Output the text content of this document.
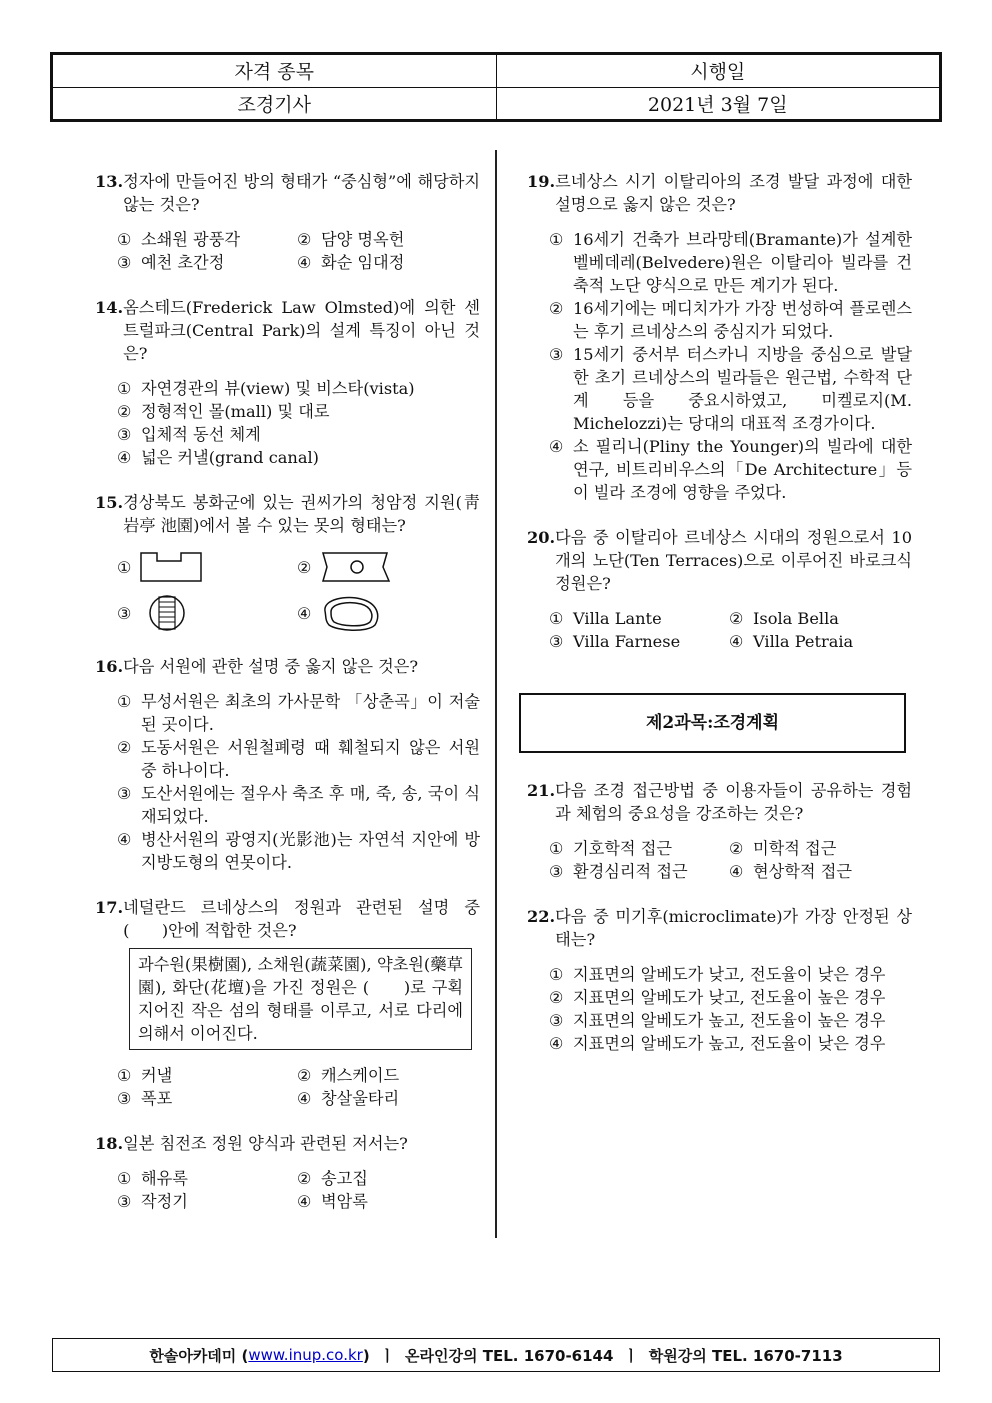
자격 종목	시행일
조경기사	2021년 3월 7일
13. 정자에 만들어진 방의 형태가 “중심형”에 해당하지 않는 것은?
① 소쇄원 광풍각	② 담양 명옥헌
③ 예천 초간정	④ 화순 임대정
14. 옴스테드(Frederick Law Olmsted)에 의한 센트럴파크(Central Park)의 설계 특징이 아닌 것은?
① 자연경관의 뷰(view) 및 비스타(vista)
② 정형적인 몰(mall) 및 대로
③ 입체적 동선 체계
④ 넓은 커낼(grand canal)
15. 경상북도 봉화군에 있는 권씨가의 청암정 지원(靑岩亭 池園)에서 볼 수 있는 못의 형태는?
①	②
③	④
16. 다음 서원에 관한 설명 중 옳지 않은 것은?
① 무성서원은 최초의 가사문학 「상춘곡」이 저술된 곳이다.
② 도동서원은 서원철폐령 때 훼철되지 않은 서원 중 하나이다.
③ 도산서원에는 절우사 축조 후 매, 죽, 송, 국이 식재되었다.
④ 병산서원의 광영지(光影池)는 자연석 지안에 방지방도형의 연못이다.
17. 네덜란드 르네상스의 정원과 관련된 설명 중 (　　)안에 적합한 것은?
과수원(果樹園), 소채원(蔬菜園), 약초원(藥草園), 화단(花壇)을 가진 정원은 (　　)로 구획 지어진 작은 섬의 형태를 이루고, 서로 다리에 의해서 이어진다.
① 커낼	② 캐스케이드
③ 폭포	④ 창살울타리
18. 일본 침전조 정원 양식과 관련된 저서는?
① 해유록	② 송고집
③ 작정기	④ 벽암록
19. 르네상스 시기 이탈리아의 조경 발달 과정에 대한 설명으로 옳지 않은 것은?
① 16세기 건축가 브라망테(Bramante)가 설계한 벨베데레(Belvedere)원은 이탈리아 빌라를 건축적 노단 양식으로 만든 계기가 된다.
② 16세기에는 메디치가가 가장 번성하여 플로렌스는 후기 르네상스의 중심지가 되었다.
③ 15세기 중서부 터스카니 지방을 중심으로 발달한 초기 르네상스의 빌라들은 원근법, 수학적 단계 등을 중요시하였고, 미켈로지(M. Michelozzi)는 당대의 대표적 조경가이다.
④ 소 필리니(Pliny the Younger)의 빌라에 대한 연구, 비트리비우스의「De Architecture」등이 빌라 조경에 영향을 주었다.
20. 다음 중 이탈리아 르네상스 시대의 정원으로서 10개의 노단(Ten Terraces)으로 이루어진 바로크식 정원은?
① Villa Lante	② Isola Bella
③ Villa Farnese	④ Villa Petraia
제2과목:조경계획
21. 다음 조경 접근방법 중 이용자들이 공유하는 경험과 체험의 중요성을 강조하는 것은?
① 기호학적 접근	② 미학적 접근
③ 환경심리적 접근	④ 현상학적 접근
22. 다음 중 미기후(microclimate)가 가장 안정된 상태는?
① 지표면의 알베도가 낮고, 전도율이 낮은 경우
② 지표면의 알베도가 낮고, 전도율이 높은 경우
③ 지표면의 알베도가 높고, 전도율이 높은 경우
④ 지표면의 알베도가 높고, 전도율이 낮은 경우
한솔아카데미 ( www.inup.co.kr )  ㅣ  온라인강의 TEL. 1670-6144  ㅣ  학원강의 TEL. 1670-7113
